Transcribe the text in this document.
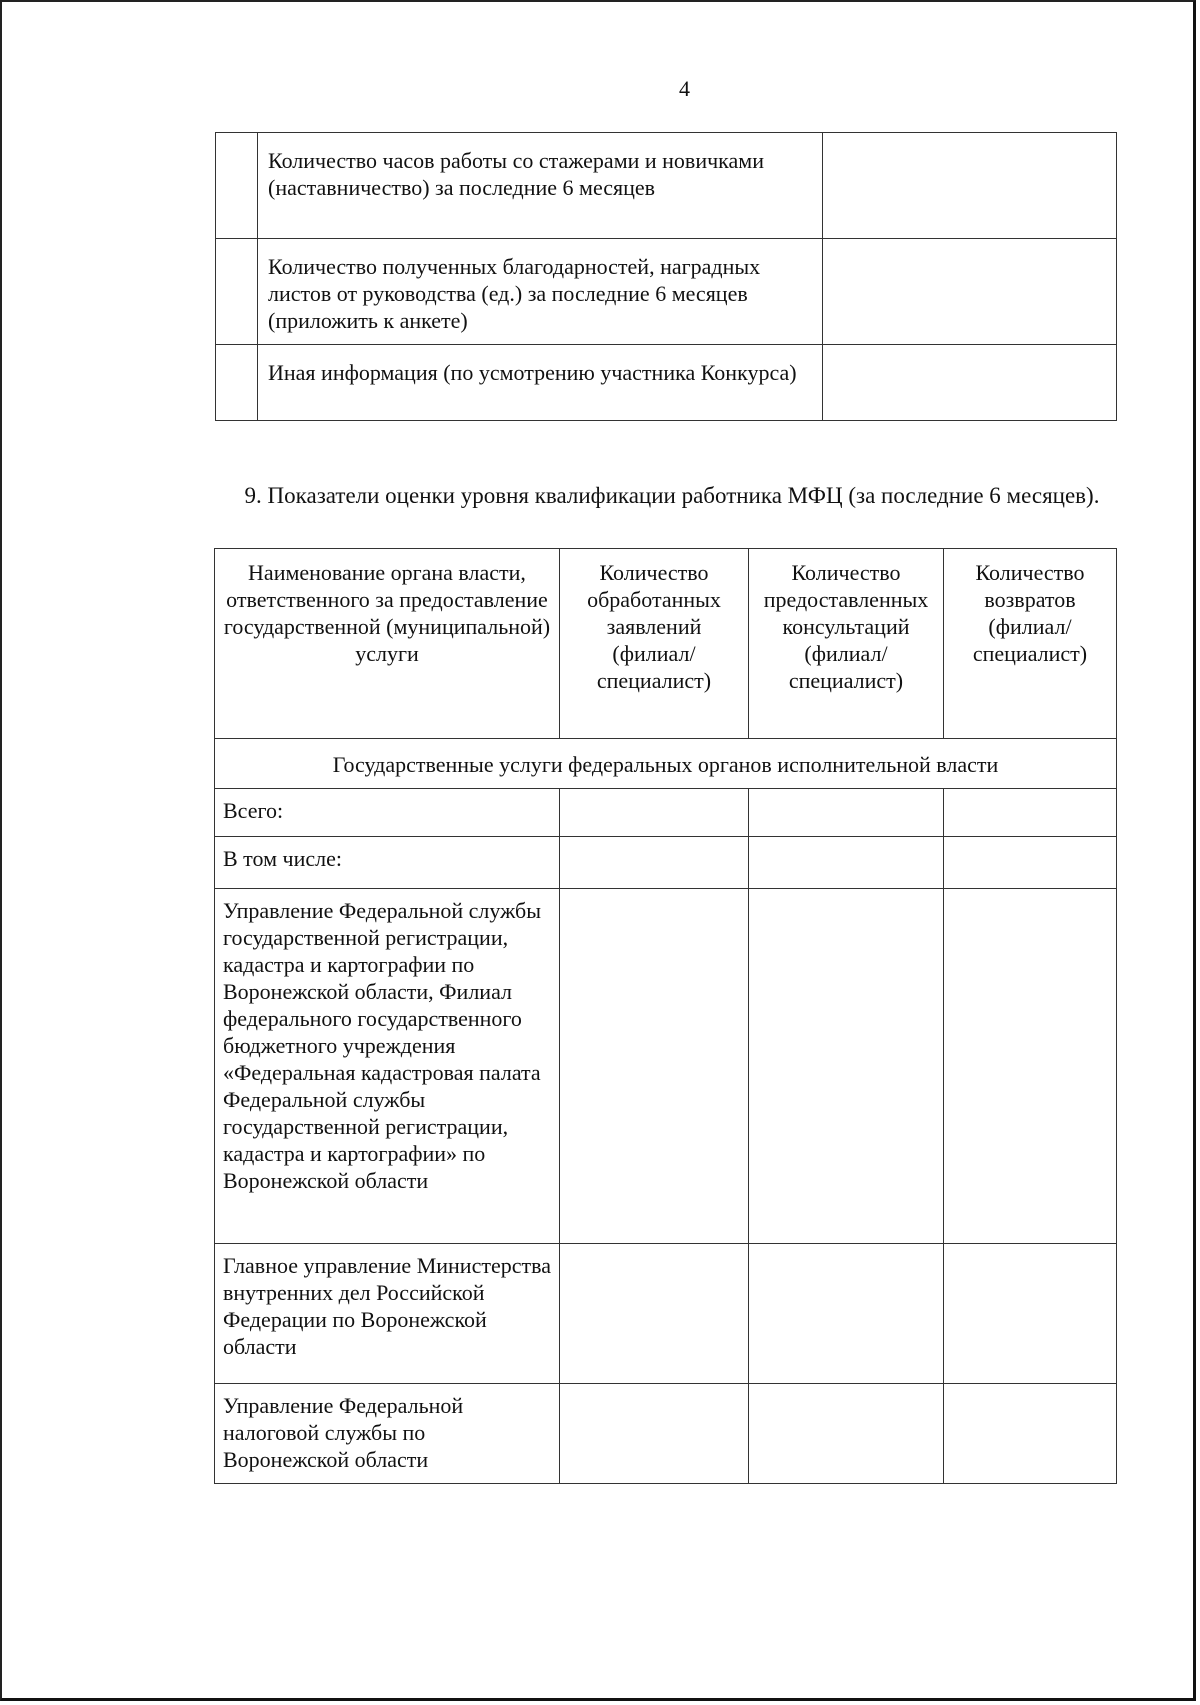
4
	Количество часов работы со стажерами и новичками (наставничество) за последние 6 месяцев	
	Количество полученных благодарностей, наградных листов от руководства (ед.) за последние 6 месяцев (приложить к анкете)	
	Иная информация (по усмотрению участника Конкурса)	
9. Показатели оценки уровня квалификации работника МФЦ (за последние 6 месяцев).
Наименование органа власти, ответственного за предоставление государственной (муниципальной) услуги	Количество обработанных заявлений (филиал/специалист)	Количество предоставленных консультаций (филиал/специалист)	Количество возвратов (филиал/специалист)
Государственные услуги федеральных органов исполнительной власти			
Всего:			
В том числе:			
Управление Федеральной службы государственной регистрации, кадастра и картографии по Воронежской области, Филиал федерального государственного бюджетного учреждения «Федеральная кадастровая палата Федеральной службы государственной регистрации, кадастра и картографии» по Воронежской области			
Главное управление Министерства внутренних дел Российской Федерации по Воронежской области			
Управление Федеральной налоговой службы по Воронежской области			
